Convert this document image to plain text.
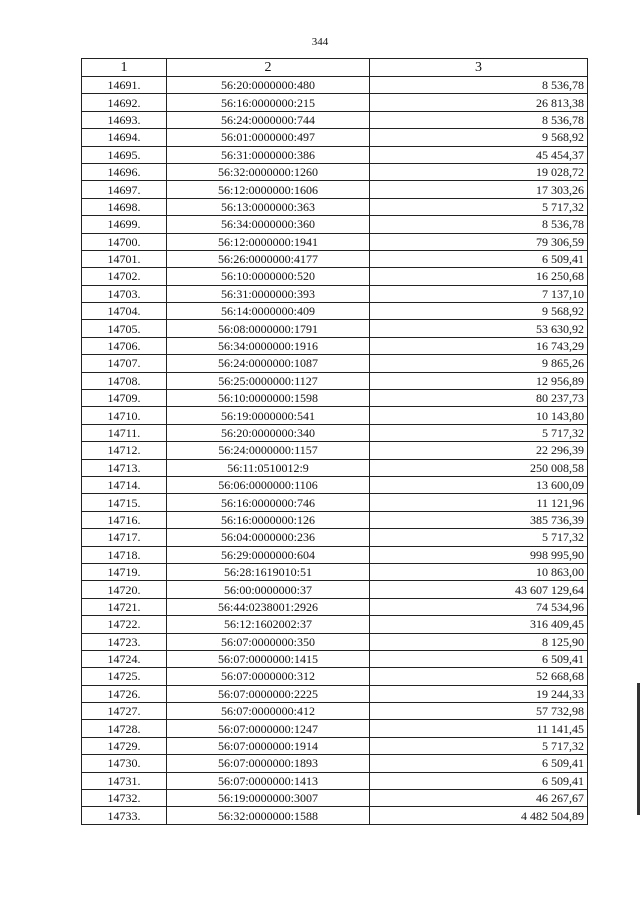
344
1	2	3
14691.	56:20:0000000:480	8 536,78
14692.	56:16:0000000:215	26 813,38
14693.	56:24:0000000:744	8 536,78
14694.	56:01:0000000:497	9 568,92
14695.	56:31:0000000:386	45 454,37
14696.	56:32:0000000:1260	19 028,72
14697.	56:12:0000000:1606	17 303,26
14698.	56:13:0000000:363	5 717,32
14699.	56:34:0000000:360	8 536,78
14700.	56:12:0000000:1941	79 306,59
14701.	56:26:0000000:4177	6 509,41
14702.	56:10:0000000:520	16 250,68
14703.	56:31:0000000:393	7 137,10
14704.	56:14:0000000:409	9 568,92
14705.	56:08:0000000:1791	53 630,92
14706.	56:34:0000000:1916	16 743,29
14707.	56:24:0000000:1087	9 865,26
14708.	56:25:0000000:1127	12 956,89
14709.	56:10:0000000:1598	80 237,73
14710.	56:19:0000000:541	10 143,80
14711.	56:20:0000000:340	5 717,32
14712.	56:24:0000000:1157	22 296,39
14713.	56:11:0510012:9	250 008,58
14714.	56:06:0000000:1106	13 600,09
14715.	56:16:0000000:746	11 121,96
14716.	56:16:0000000:126	385 736,39
14717.	56:04:0000000:236	5 717,32
14718.	56:29:0000000:604	998 995,90
14719.	56:28:1619010:51	10 863,00
14720.	56:00:0000000:37	43 607 129,64
14721.	56:44:0238001:2926	74 534,96
14722.	56:12:1602002:37	316 409,45
14723.	56:07:0000000:350	8 125,90
14724.	56:07:0000000:1415	6 509,41
14725.	56:07:0000000:312	52 668,68
14726.	56:07:0000000:2225	19 244,33
14727.	56:07:0000000:412	57 732,98
14728.	56:07:0000000:1247	11 141,45
14729.	56:07:0000000:1914	5 717,32
14730.	56:07:0000000:1893	6 509,41
14731.	56:07:0000000:1413	6 509,41
14732.	56:19:0000000:3007	46 267,67
14733.	56:32:0000000:1588	4 482 504,89
